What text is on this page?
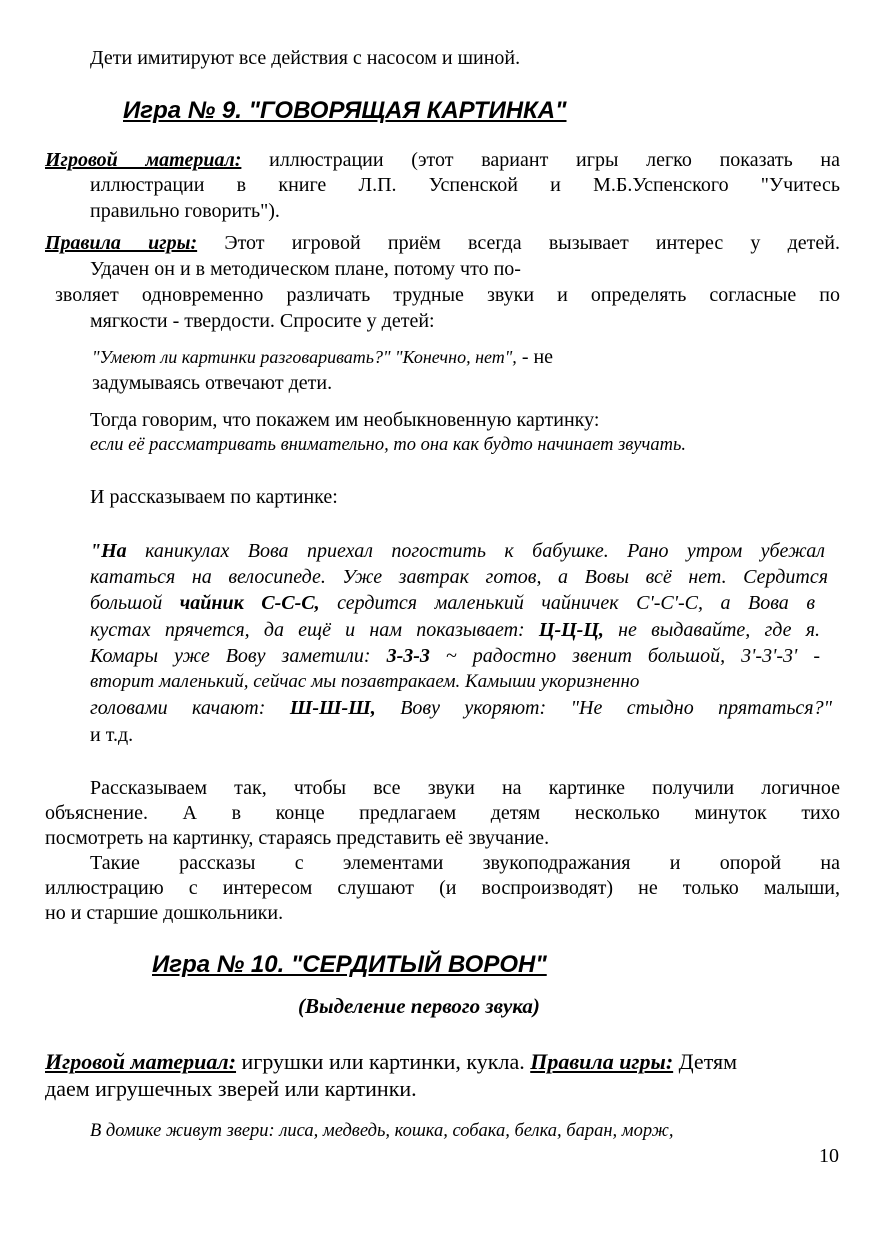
Дети имитируют все действия с насосом и шиной.
Игра № 9. "ГОВОРЯЩАЯ КАРТИНКА"
Игровой материал: иллюстрации (этот вариант игры легко показать на
иллюстрации в книге Л.П. Успенской и М.Б.Успенского "Учитесь
правильно говорить").
Правила игры: Этот игровой приём всегда вызывает интерес у детей.
Удачен он и в методическом плане, потому что по-
зволяет одновременно различать трудные звуки и определять согласные по
мягкости - твердости. Спросите у детей:
"Умеют ли картинки разговаривать?" "Конечно, нет", - не
задумываясь отвечают дети.
Тогда говорим, что покажем им необыкновенную картинку:
если её рассматривать внимательно, то она как будто начинает звучать.
И рассказываем по картинке:
"На каникулах Вова приехал погостить к бабушке. Рано утром убежал
кататься на велосипеде. Уже завтрак готов, а Вовы всё нет. Сердится
большой чайник С-С-С, сердится маленький чайничек С'-С'-С, а Вова в
кустах прячется, да ещё и нам показывает: Ц-Ц-Ц, не выдавайте, где я.
Комары уже Вову заметили: 3-3-3 ~ радостно звенит большой, 3'-3'-3' -
вторит маленький, сейчас мы позавтракаем. Камыши укоризненно
головами качают: Ш-Ш-Ш, Вову укоряют: "Не стыдно прятаться?"
и т.д.
Рассказываем так, чтобы все звуки на картинке получили логичное
объяснение. А в конце предлагаем детям несколько минуток тихо
посмотреть на картинку, стараясь представить её звучание.
Такие рассказы с элементами звукоподражания и опорой на
иллюстрацию с интересом слушают (и воспроизводят) не только малыши,
но и старшие дошкольники.
Игра № 10. "СЕРДИТЫЙ ВОРОН"
(Выделение первого звука)
Игровой материал: игрушки или картинки, кукла. Правила игры: Детям
даем игрушечных зверей или картинки.
В домике живут звери: лиса, медведь, кошка, собака, белка, баран, морж,
10
